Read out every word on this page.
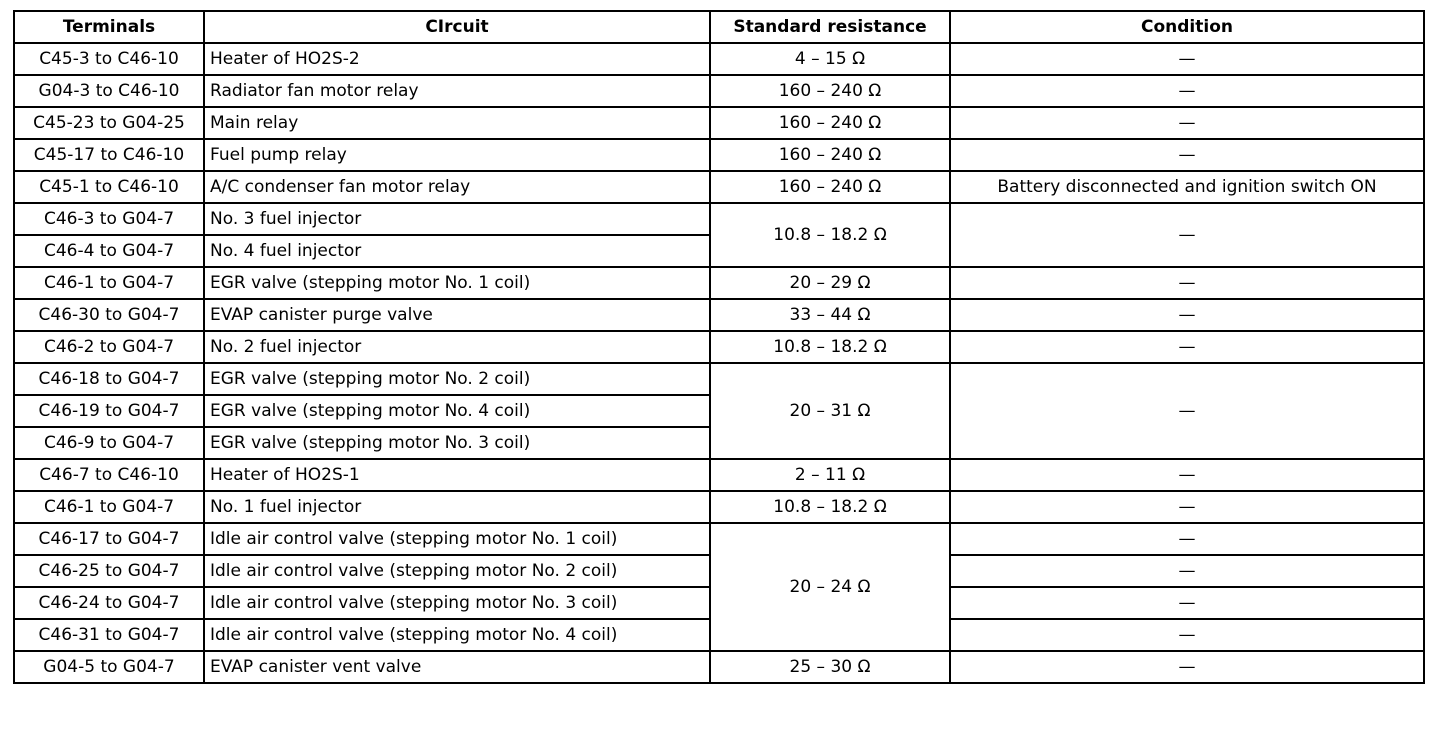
Terminals	CIrcuit	Standard resistance	Condition
C45-3 to C46-10	Heater of HO2S-2	4 – 15 Ω	—
G04-3 to C46-10	Radiator fan motor relay	160 – 240 Ω	—
C45-23 to G04-25	Main relay	160 – 240 Ω	—
C45-17 to C46-10	Fuel pump relay	160 – 240 Ω	—
C45-1 to C46-10	A/C condenser fan motor relay	160 – 240 Ω	Battery disconnected and ignition switch ON
C46-3 to G04-7	No. 3 fuel injector	10.8 – 18.2 Ω	—
C46-4 to G04-7	No. 4 fuel injector		
C46-1 to G04-7	EGR valve (stepping motor No. 1 coil)	20 – 29 Ω	—
C46-30 to G04-7	EVAP canister purge valve	33 – 44 Ω	—
C46-2 to G04-7	No. 2 fuel injector	10.8 – 18.2 Ω	—
C46-18 to G04-7	EGR valve (stepping motor No. 2 coil)	20 – 31 Ω	—
C46-19 to G04-7	EGR valve (stepping motor No. 4 coil)		
C46-9 to G04-7	EGR valve (stepping motor No. 3 coil)		
C46-7 to C46-10	Heater of HO2S-1	2 – 11 Ω	—
C46-1 to G04-7	No. 1 fuel injector	10.8 – 18.2 Ω	—
C46-17 to G04-7	Idle air control valve (stepping motor No. 1 coil)	20 – 24 Ω	—
C46-25 to G04-7	Idle air control valve (stepping motor No. 2 coil)		—
C46-24 to G04-7	Idle air control valve (stepping motor No. 3 coil)		—
C46-31 to G04-7	Idle air control valve (stepping motor No. 4 coil)		—
G04-5 to G04-7	EVAP canister vent valve	25 – 30 Ω	—
